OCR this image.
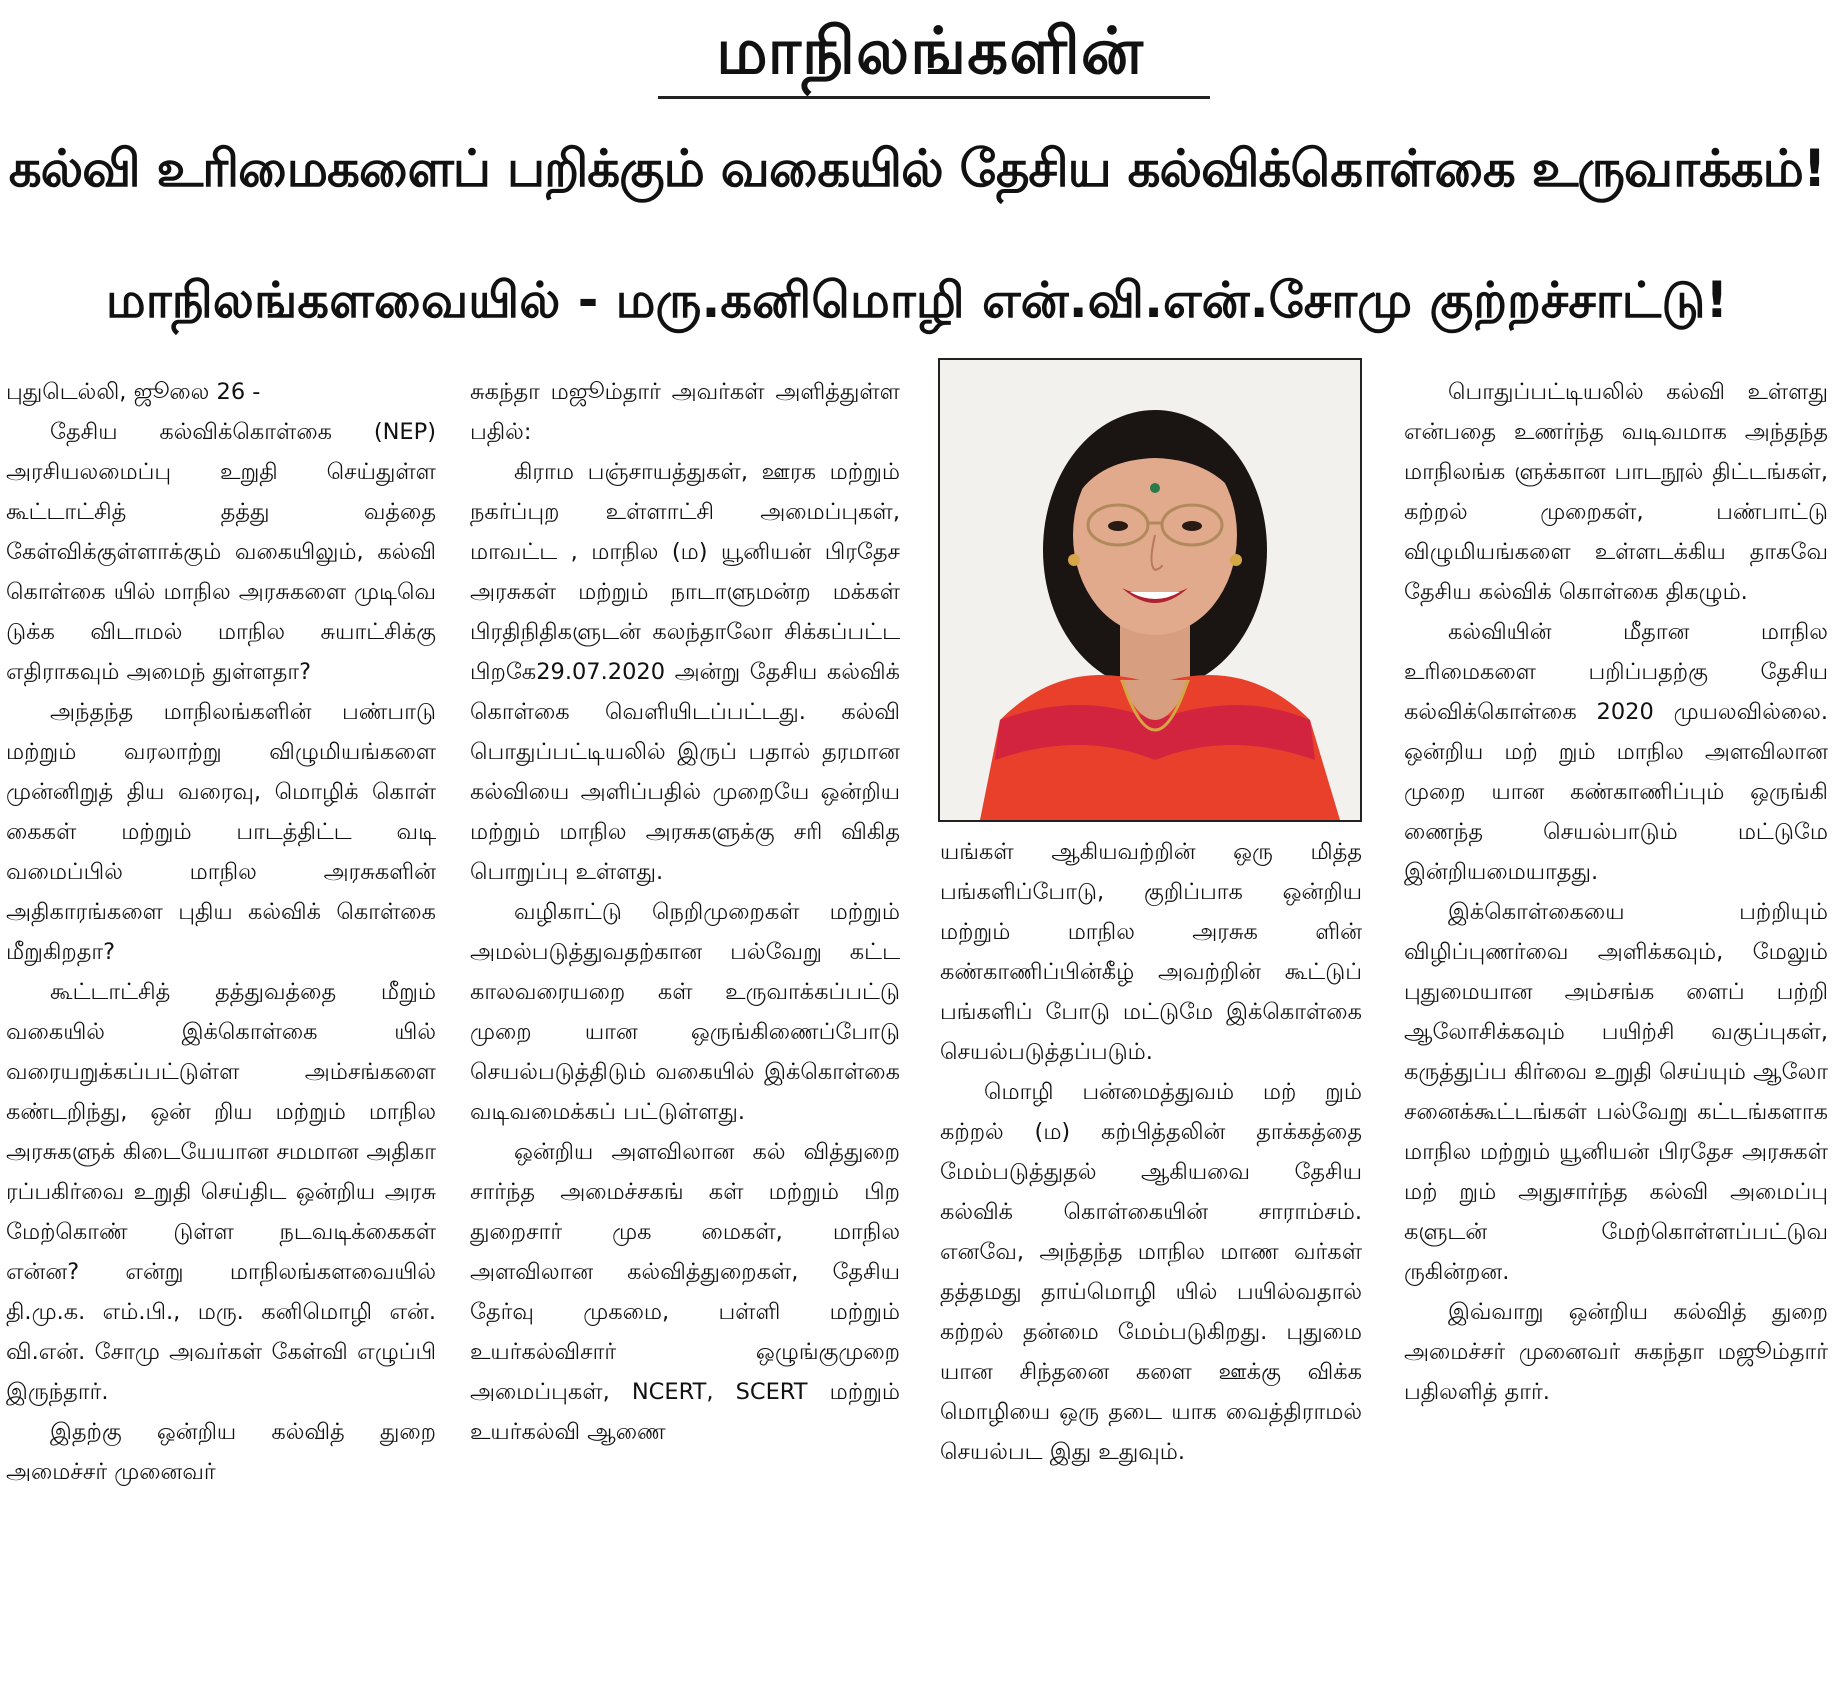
மாநிலங்களின்
கல்வி உரிமைகளைப் பறிக்கும் வகையில் தேசிய கல்விக்கொள்கை உருவாக்கம்!
மாநிலங்களவையில் - மரு.கனிமொழி என்.வி.என்.சோமு குற்றச்சாட்டு!

புதுடெல்லி, ஜூலை 26 -

தேசிய கல்விக்கொள்கை (NEP) அரசியலமைப்பு உறுதி செய்துள்ள கூட்டாட்சித் தத்து வத்தை கேள்விக்குள்ளாக்கும் வகையிலும், கல்வி கொள்கை யில் மாநில அரசுகளை முடிவெ டுக்க விடாமல் மாநில சுயாட்சிக்கு எதிராகவும் அமைந் துள்ளதா?

அந்தந்த மாநிலங்களின் பண்பாடு மற்றும் வரலாற்று விழுமியங்களை முன்னிறுத் திய வரைவு, மொழிக் கொள் கைகள் மற்றும் பாடத்திட்ட வடி வமைப்பில் மாநில அரசுகளின் அதிகாரங்களை புதிய கல்விக் கொள்கை மீறுகிறதா?

கூட்டாட்சித் தத்துவத்தை மீறும் வகையில் இக்கொள்கை யில் வரையறுக்கப்பட்டுள்ள அம்சங்களை கண்டறிந்து, ஒன் றிய மற்றும் மாநில அரசுகளுக் கிடையேயான சமமான அதிகா ரப்பகிர்வை உறுதி செய்திட ஒன்றிய அரசு மேற்கொண் டுள்ள நடவடிக்கைகள் என்ன? என்று மாநிலங்களவையில் தி.மு.க. எம்.பி., மரு. கனிமொழி என். வி.என். சோமு அவர்கள் கேள்வி எழுப்பி இருந்தார்.

இதற்கு ஒன்றிய கல்வித் துறை அமைச்சர் முனைவர்

சுகந்தா மஜூம்தார் அவர்கள் அளித்துள்ள பதில்:

கிராம பஞ்சாயத்துகள், ஊரக மற்றும் நகர்ப்புற உள்ளாட்சி அமைப்புகள், மாவட்ட , மாநில (ம) யூனியன் பிரதேச அரசுகள் மற்றும் நாடாளுமன்ற மக்கள் பிரதிநிதிகளுடன் கலந்தாலோ சிக்கப்பட்ட பிறகே29.07.2020 அன்று தேசிய கல்விக் கொள்கை வெளியிடப்பட்டது. கல்வி பொதுப்பட்டியலில் இருப் பதால் தரமான கல்வியை அளிப்பதில் முறையே ஒன்றிய மற்றும் மாநில அரசுகளுக்கு சரி விகித பொறுப்பு உள்ளது.

வழிகாட்டு நெறிமுறைகள் மற்றும் அமல்படுத்துவதற்கான பல்வேறு கட்ட காலவரையறை கள் உருவாக்கப்பட்டு முறை யான ஒருங்கிணைப்போடு செயல்படுத்திடும் வகையில் இக்கொள்கை வடிவமைக்கப் பட்டுள்ளது.

ஒன்றிய அளவிலான கல் வித்துறை சார்ந்த அமைச்சகங் கள் மற்றும் பிற துறைசார் முக மைகள், மாநில அளவிலான கல்வித்துறைகள், தேசிய தேர்வு முகமை, பள்ளி மற்றும் உயர்கல்விசார் ஒழுங்குமுறை அமைப்புகள், NCERT, SCERT மற்றும் உயர்கல்வி ஆணை

யங்கள் ஆகியவற்றின் ஒரு மித்த பங்களிப்போடு, குறிப்பாக ஒன்றிய மற்றும் மாநில அரசுக ளின் கண்காணிப்பின்கீழ் அவற்றின் கூட்டுப் பங்களிப் போடு மட்டுமே இக்கொள்கை செயல்படுத்தப்படும்.

மொழி பன்மைத்துவம் மற் றும் கற்றல் (ம) கற்பித்தலின் தாக்கத்தை மேம்படுத்துதல் ஆகியவை தேசிய கல்விக் கொள்கையின் சாராம்சம். எனவே, அந்தந்த மாநில மாண வர்கள் தத்தமது தாய்மொழி யில் பயில்வதால் கற்றல் தன்மை மேம்படுகிறது. புதுமை யான சிந்தனை களை ஊக்கு விக்க மொழியை ஒரு தடை யாக வைத்திராமல் செயல்பட இது உதுவும்.

பொதுப்பட்டியலில் கல்வி உள்ளது என்பதை உணர்ந்த வடிவமாக அந்தந்த மாநிலங்க ளுக்கான பாடநூல் திட்டங்கள், கற்றல் முறைகள், பண்பாட்டு விழுமியங்களை உள்ளடக்கிய தாகவே தேசிய கல்விக் கொள்கை திகழும்.

கல்வியின் மீதான மாநில உரிமைகளை பறிப்பதற்கு தேசிய கல்விக்கொள்கை 2020 முயலவில்லை. ஒன்றிய மற் றும் மாநில அளவிலான முறை யான கண்காணிப்பும் ஒருங்கி ணைந்த செயல்பாடும் மட்டுமே இன்றியமையாதது.

இக்கொள்கையை பற்றியும் விழிப்புணர்வை அளிக்கவும், மேலும் புதுமையான அம்சங்க ளைப் பற்றி ஆலோசிக்கவும் பயிற்சி வகுப்புகள், கருத்துப்ப கிர்வை உறுதி செய்யும் ஆலோ சனைக்கூட்டங்கள் பல்வேறு கட்டங்களாக மாநில மற்றும் யூனியன் பிரதேச அரசுகள் மற் றும் அதுசார்ந்த கல்வி அமைப்பு களுடன் மேற்கொள்ளப்பட்டுவ ருகின்றன.

இவ்வாறு ஒன்றிய கல்வித் துறை அமைச்சர் முனைவர் சுகந்தா மஜூம்தார் பதிலளித் தார்.
